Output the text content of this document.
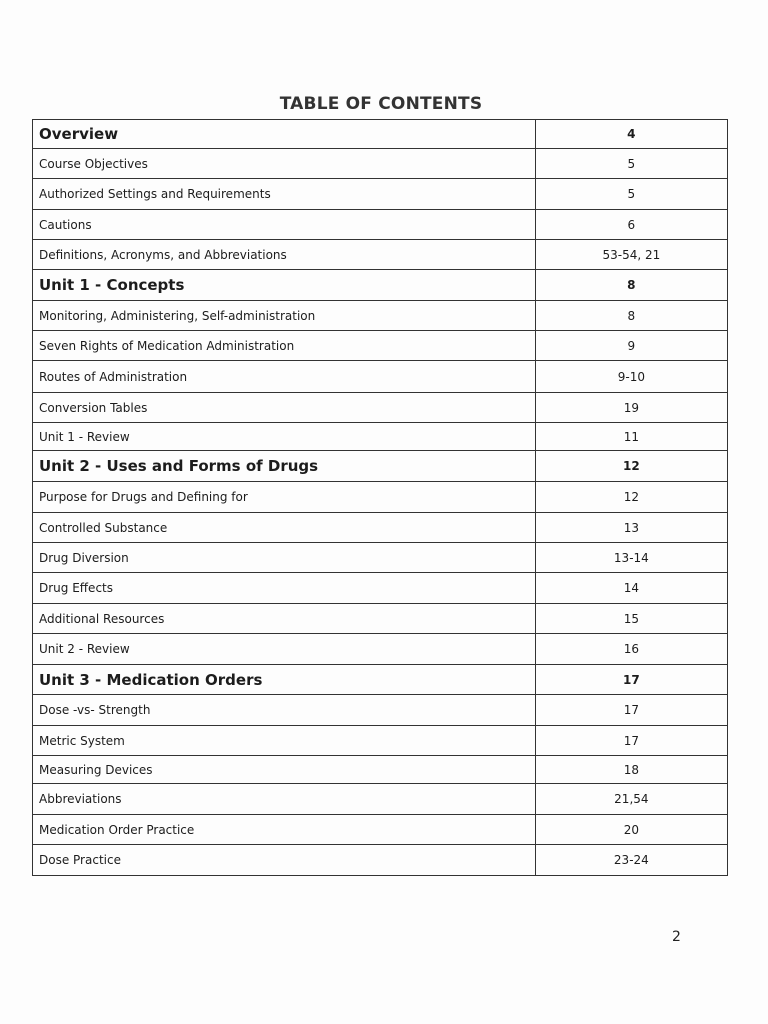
TABLE OF CONTENTS
Overview	4
Course Objectives	5
Authorized Settings and Requirements	5
Cautions	6
Definitions, Acronyms, and Abbreviations	53-54, 21
Unit 1 - Concepts	8
Monitoring, Administering, Self-administration	8
Seven Rights of Medication Administration	9
Routes of Administration	9-10
Conversion Tables	19
Unit 1 - Review	11
Unit 2 - Uses and Forms of Drugs	12
Purpose for Drugs and Defining for	12
Controlled Substance	13
Drug Diversion	13-14
Drug Effects	14
Additional Resources	15
Unit 2 - Review	16
Unit 3 - Medication Orders	17
Dose -vs- Strength	17
Metric System	17
Measuring Devices	18
Abbreviations	21,54
Medication Order Practice	20
Dose Practice	23-24
2
